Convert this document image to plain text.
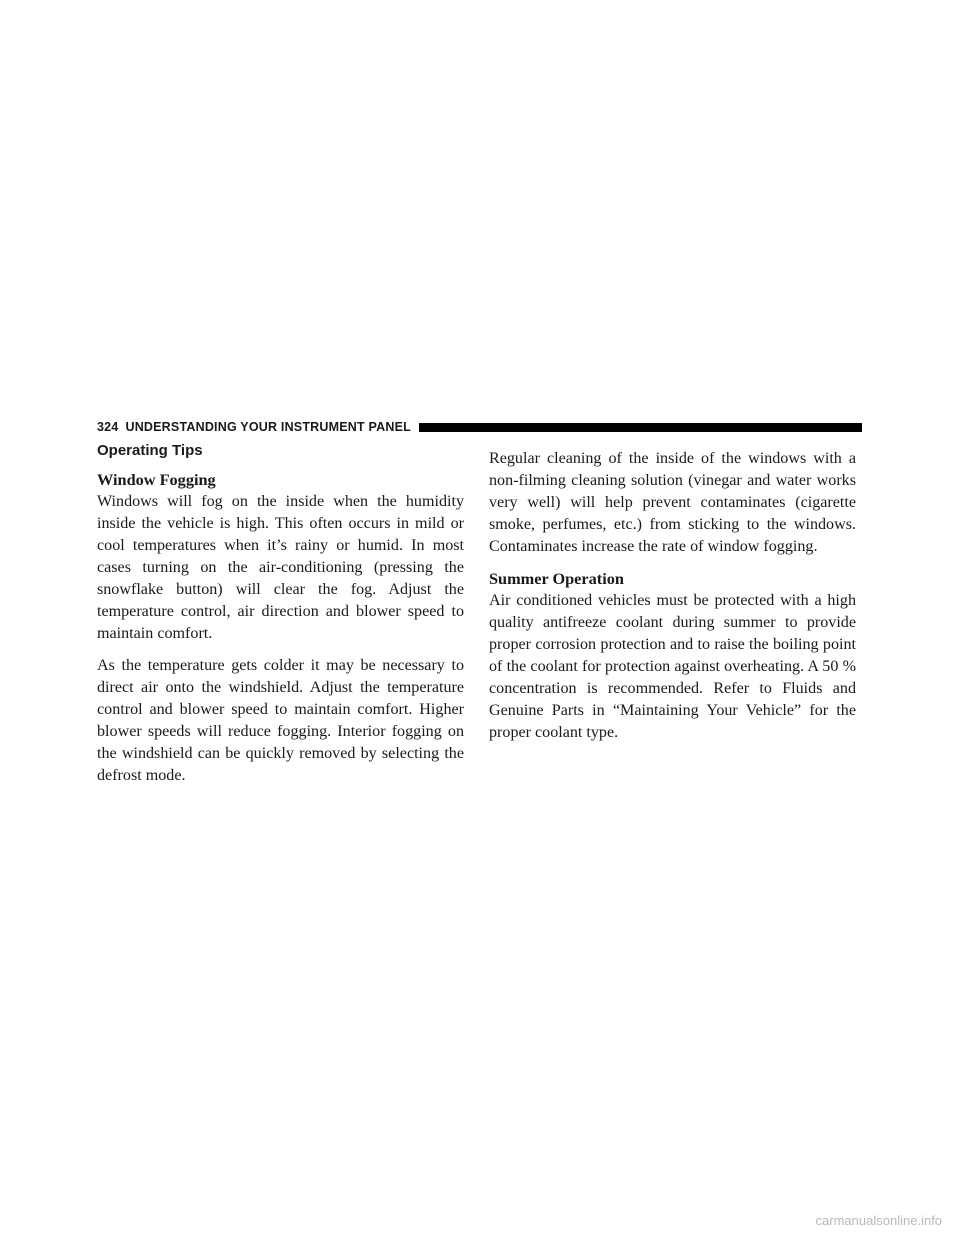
324 UNDERSTANDING YOUR INSTRUMENT PANEL
Operating Tips
Window Fogging

Windows will fog on the inside when the humidity inside the vehicle is high. This often occurs in mild or cool temperatures when it’s rainy or humid. In most cases turning on the air-conditioning (pressing the snowflake button) will clear the fog. Adjust the temperature control, air direction and blower speed to maintain comfort.

As the temperature gets colder it may be necessary to direct air onto the windshield. Adjust the temperature control and blower speed to maintain comfort. Higher blower speeds will reduce fogging. Interior fogging on the windshield can be quickly removed by selecting the defrost mode.

Regular cleaning of the inside of the windows with a non-filming cleaning solution (vinegar and water works very well) will help prevent contaminates (cigarette smoke, perfumes, etc.) from sticking to the windows. Contaminates increase the rate of window fogging.

Summer Operation

Air conditioned vehicles must be protected with a high quality antifreeze coolant during summer to provide proper corrosion protection and to raise the boiling point of the coolant for protection against overheating. A 50 % concentration is recommended. Refer to Fluids and Genuine Parts in “Maintaining Your Vehicle” for the proper coolant type.

carmanualsonline.info
